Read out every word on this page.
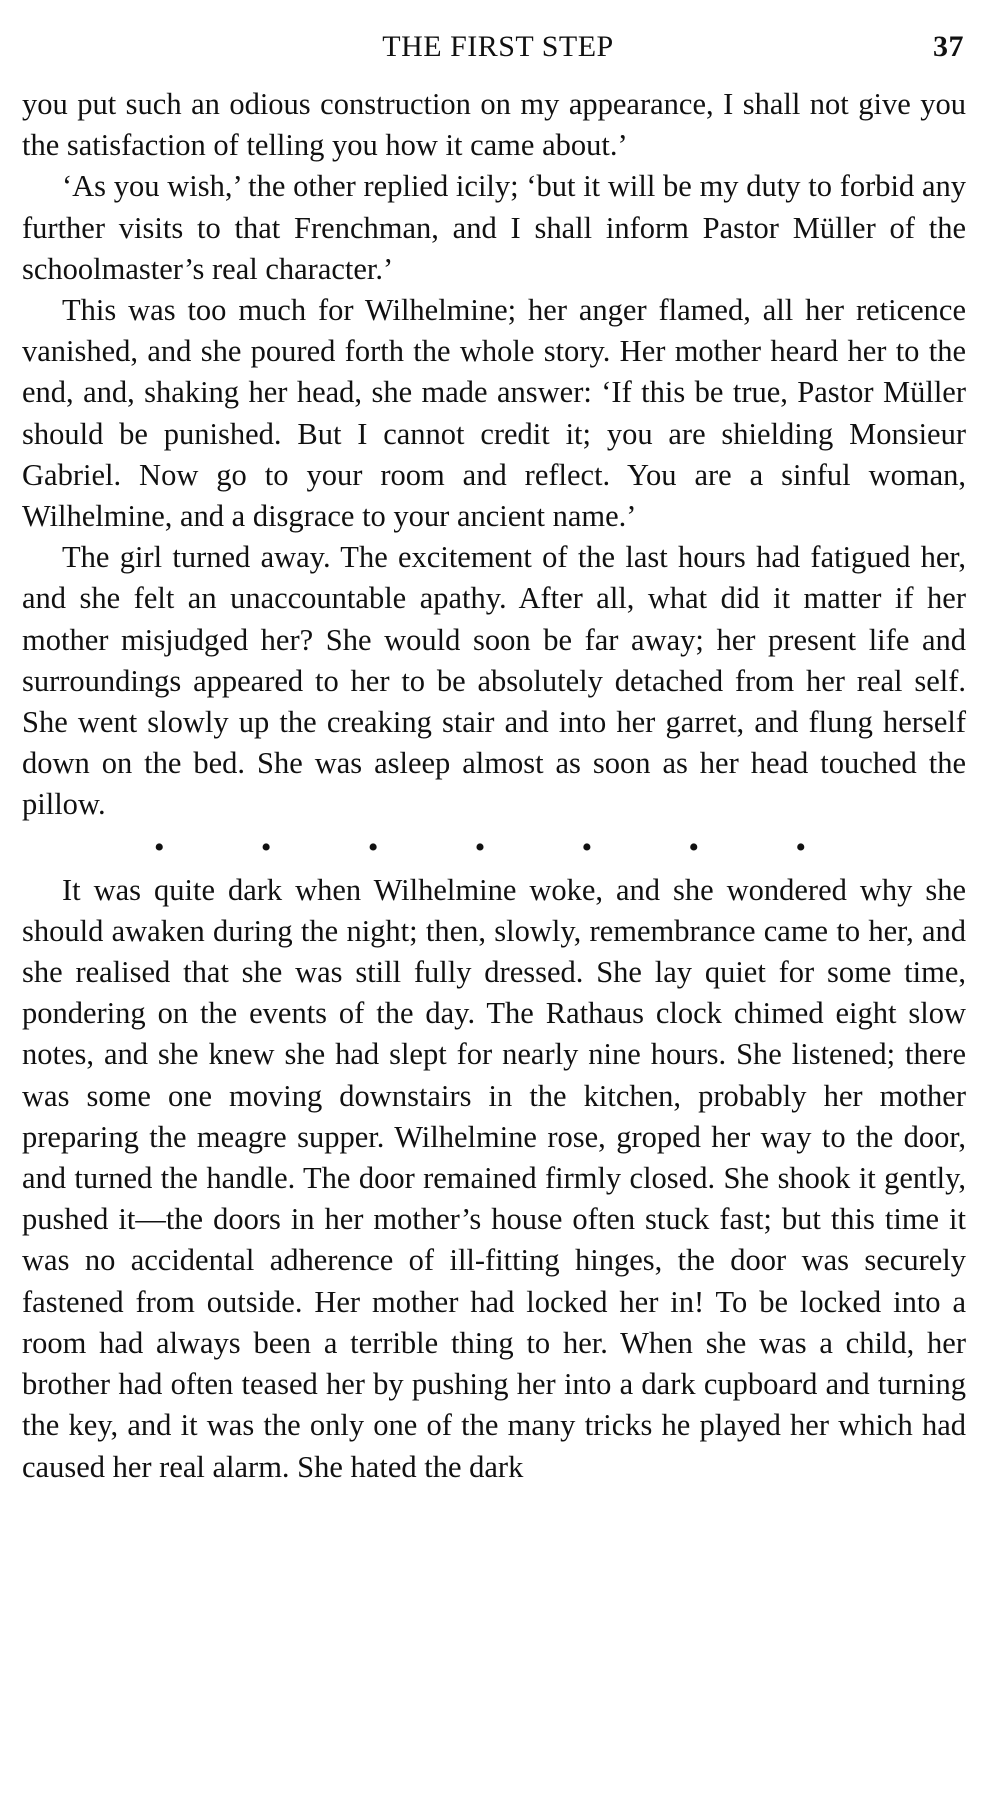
THE FIRST STEP	37

you put such an odious construction on my appearance, I shall not give you the satisfaction of telling you how it came about.’

‘As you wish,’ the other replied icily; ‘but it will be my duty to forbid any further visits to that Frenchman, and I shall inform Pastor Müller of the schoolmaster’s real character.’

This was too much for Wilhelmine; her anger flamed, all her reticence vanished, and she poured forth the whole story. Her mother heard her to the end, and, shaking her head, she made answer: ‘If this be true, Pastor Müller should be punished. But I cannot credit it; you are shielding Monsieur Gabriel. Now go to your room and reflect. You are a sinful woman, Wilhelmine, and a disgrace to your ancient name.’

The girl turned away. The excitement of the last hours had fatigued her, and she felt an unaccountable apathy. After all, what did it matter if her mother misjudged her? She would soon be far away; her present life and surroundings appeared to her to be absolutely detached from her real self. She went slowly up the creaking stair and into her garret, and flung herself down on the bed. She was asleep almost as soon as her head touched the pillow.

•	•	•	•	•	•	•

It was quite dark when Wilhelmine woke, and she wondered why she should awaken during the night; then, slowly, remembrance came to her, and she realised that she was still fully dressed. She lay quiet for some time, pondering on the events of the day. The Rathaus clock chimed eight slow notes, and she knew she had slept for nearly nine hours. She listened; there was some one moving downstairs in the kitchen, probably her mother preparing the meagre supper. Wilhelmine rose, groped her way to the door, and turned the handle. The door remained firmly closed. She shook it gently, pushed it—the doors in her mother’s house often stuck fast; but this time it was no accidental adherence of ill-fitting hinges, the door was securely fastened from outside. Her mother had locked her in! To be locked into a room had always been a terrible thing to her. When she was a child, her brother had often teased her by pushing her into a dark cupboard and turning the key, and it was the only one of the many tricks he played her which had caused her real alarm. She hated the dark
